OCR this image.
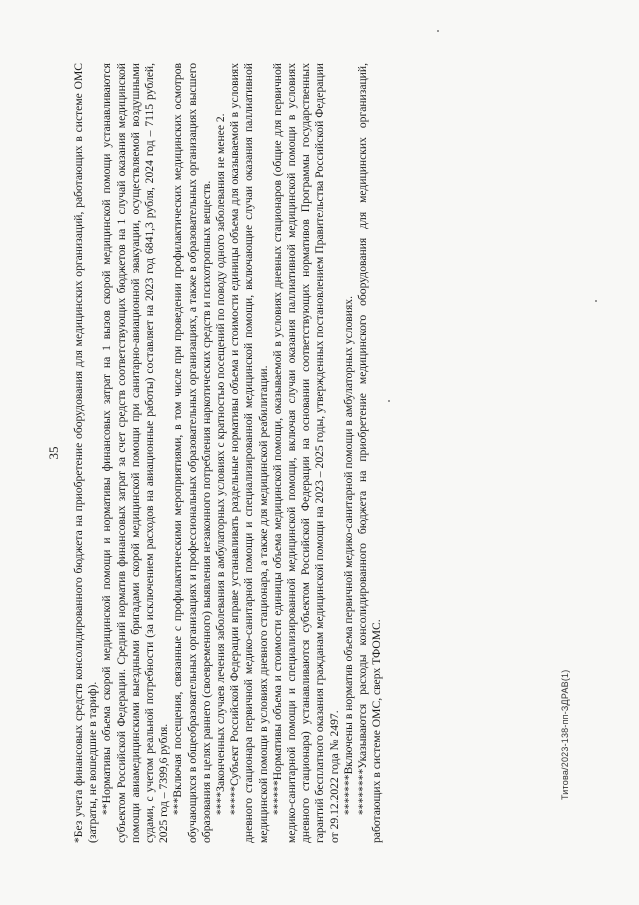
35 *Без учета финансовых средств консолидированного бюджета на приобретение оборудования для медицинских организаций, работающих в системе ОМС (затраты, не вошедшие в тариф). **Нормативы объема скорой медицинской помощи и нормативы финансовых затрат на 1 вызов скорой медицинской помощи устанавливаются субъектом Российской Федерации. Средний норматив финансовых затрат за счет средств соответствующих бюджетов на 1 случай оказания медицинской помощи авиамедицинскими выездными бригадами скорой медицинской помощи при санитарно-авиационной эвакуации, осуществляемой воздушными судами, с учетом реальной потребности (за исключением расходов на авиационные работы) составляет на 2023 год 6841,3 рубля, 2024 год – 7115 рублей, 2025 год – 7399,6 рубля. ***Включая посещения, связанные с профилактическими мероприятиями, в том числе при проведении профилактических медицинских осмотров обучающихся в общеобразовательных организациях и профессиональных образовательных организациях, а также в образовательных организациях высшего образования в целях раннего (своевременного) выявления незаконного потребления наркотических средств и психотропных веществ. ****Законченных случаев лечения заболевания в амбулаторных условиях с кратностью посещений по поводу одного заболевания не менее 2. *****Субъект Российской Федерации вправе устанавливать раздельные нормативы объема и стоимости единицы объема для оказываемой в условиях дневного стационара первичной медико-санитарной помощи и специализированной медицинской помощи, включающие случаи оказания паллиативной медицинской помощи в условиях дневного стационара, а также для медицинской реабилитации. ******Нормативы объема и стоимости единицы объема медицинской помощи, оказываемой в условиях дневных стационаров (общие для первичной медико-санитарной помощи и специализированной медицинской помощи, включая случаи оказания паллиативной медицинской помощи в условиях дневного стационара) устанавливаются субъектом Российской Федерации на основании соответствующих нормативов Программы государственных гарантий бесплатного оказания гражданам медицинской помощи на 2023 – 2025 годы, утвержденных постановлением Правительства Российской Федерации от 29.12.2022 года № 2497. *******Включены в норматив объема первичной медико-санитарной помощи в амбулаторных условиях. ********Указываются расходы консолидированного бюджета на приобретение медицинского оборудования для медицинских организаций, работающих в системе ОМС, сверх ТФОМС.	Титова/2023-138-пп-ЗДРАВ(1)
